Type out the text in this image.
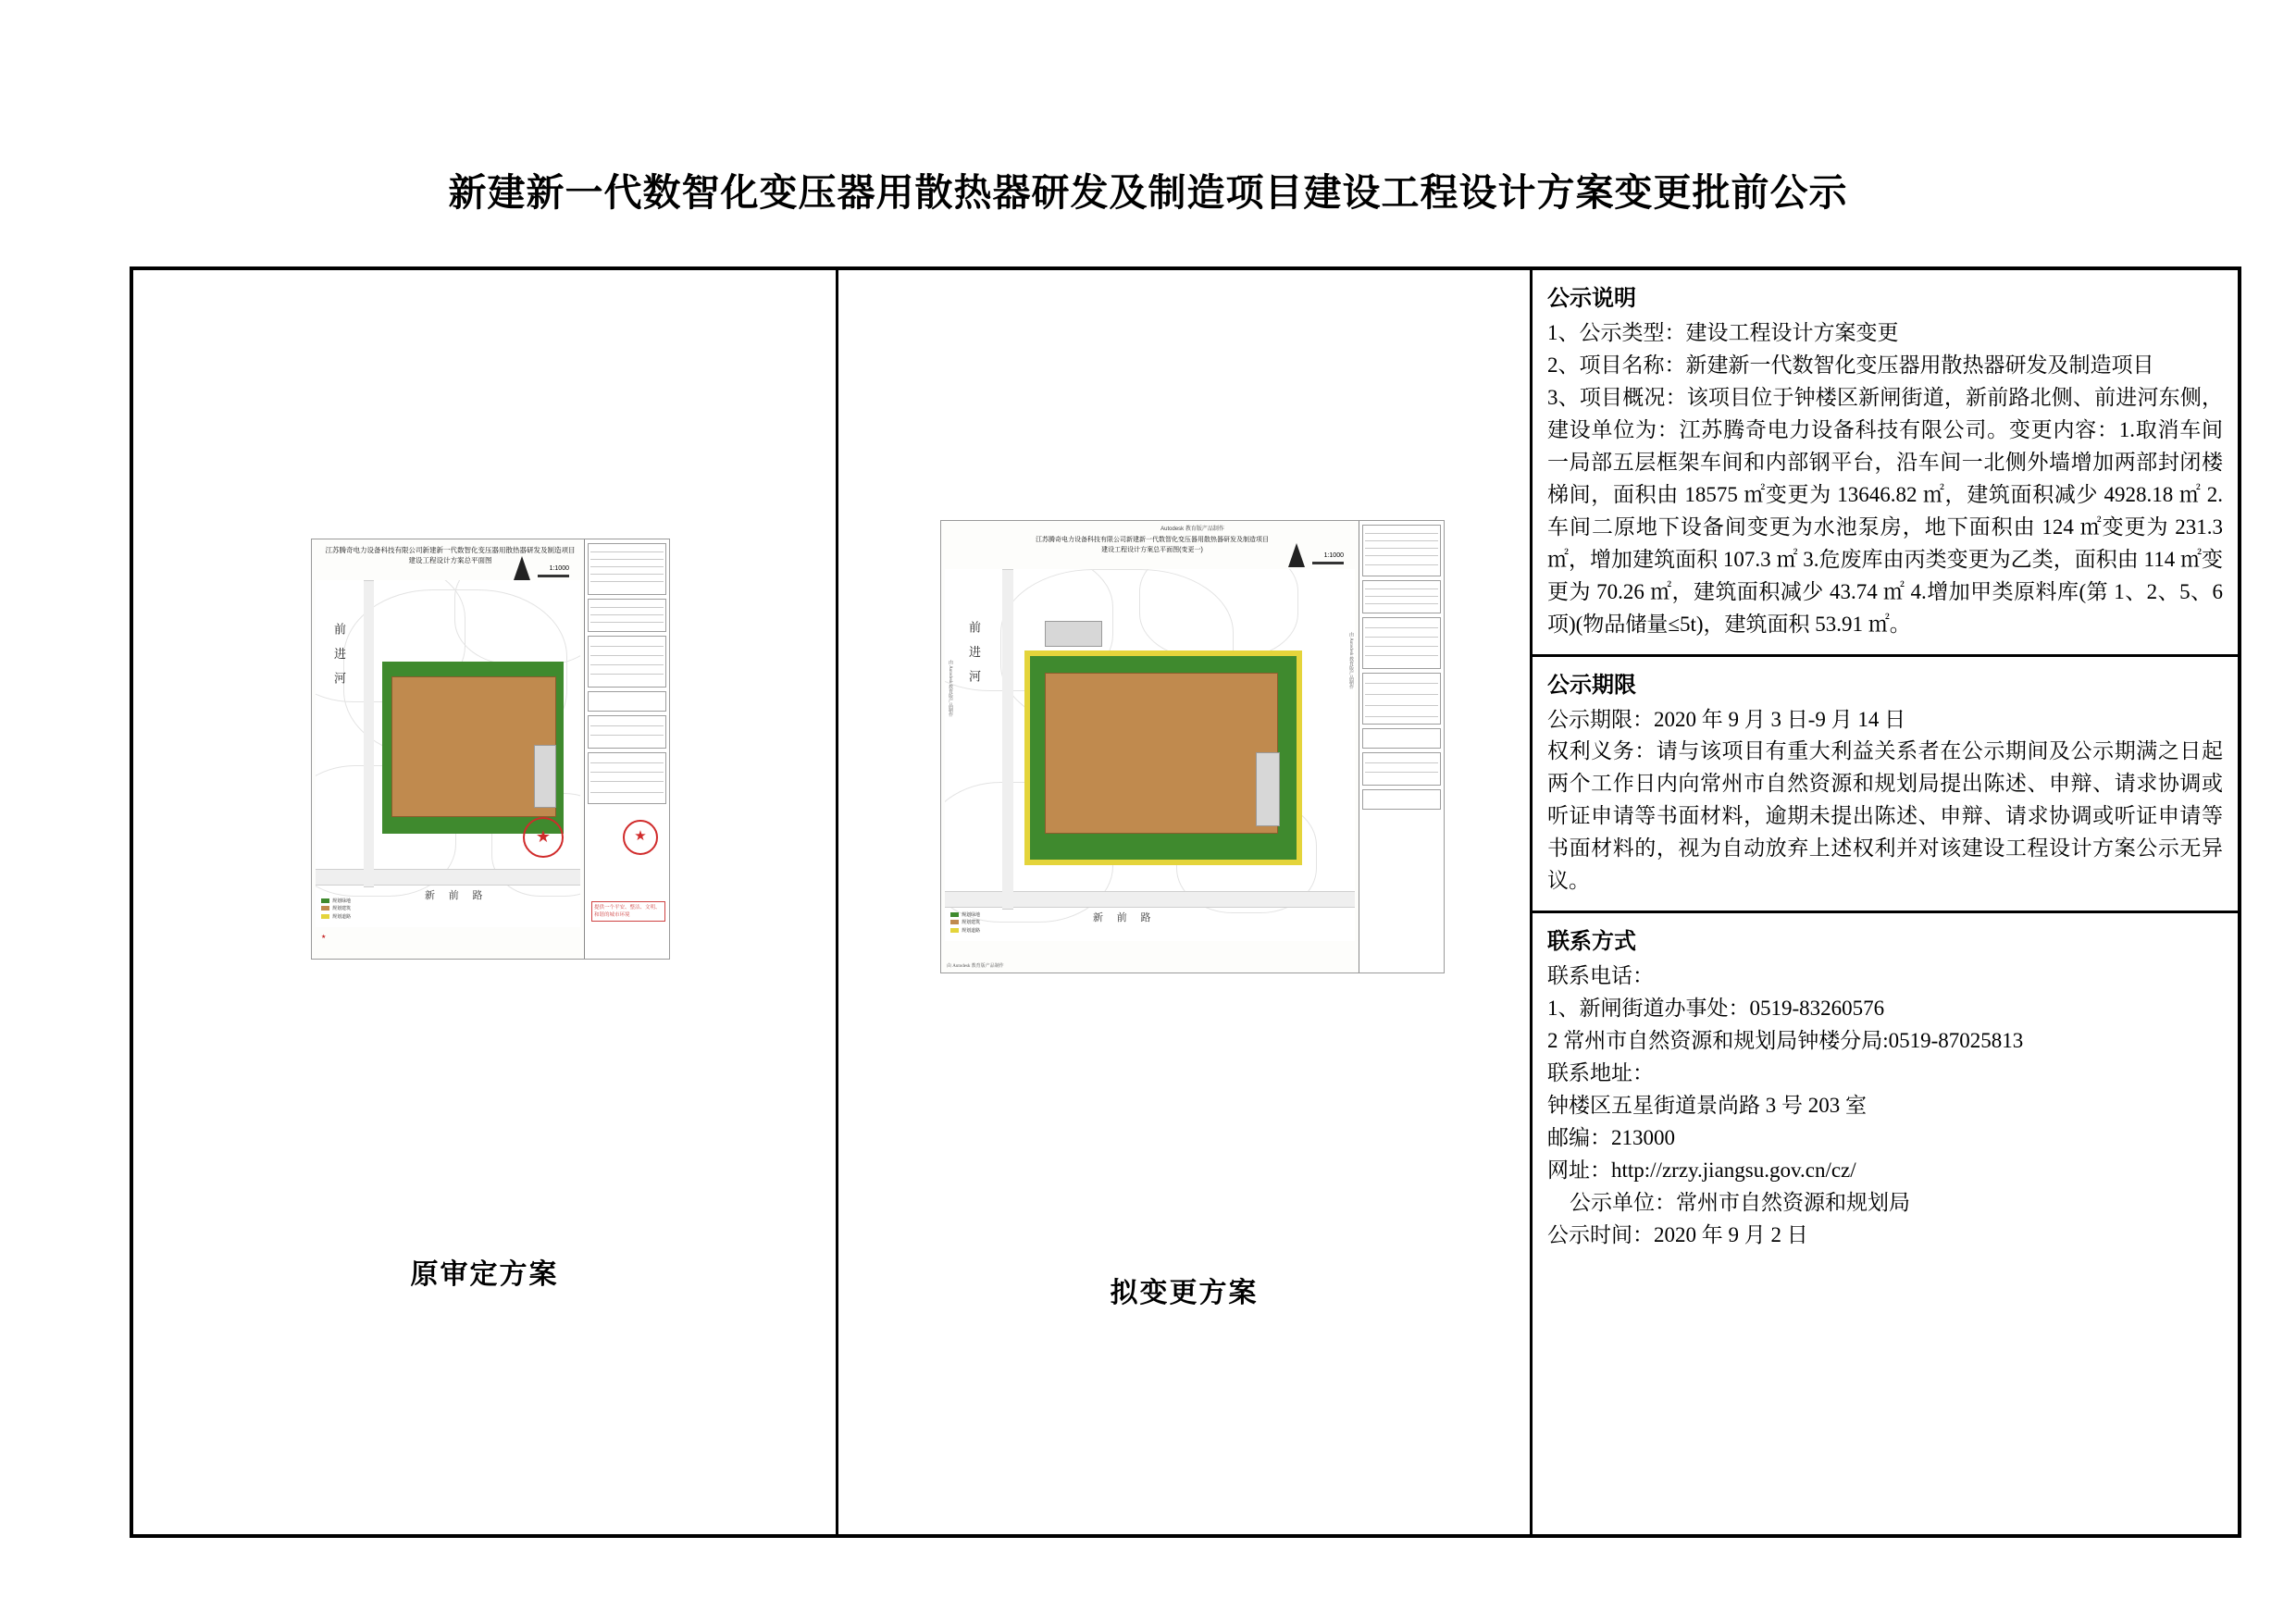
新建新一代数智化变压器用散热器研发及制造项目建设工程设计方案变更批前公示
江苏腾奇电力设备科技有限公司新建新一代数智化变压器用散热器研发及制造项目
建设工程设计方案总平面图
1:1000
前 进 河
新 前 路
规划绿地
规划建筑
规划道路
★	★
提供一个平安、整洁、文明、和谐的城市环境
★
原审定方案
Autodesk 教育版产品制作
江苏腾奇电力设备科技有限公司新建新一代数智化变压器用散热器研发及制造项目
建设工程设计方案总平面图(变更一)
1:1000
前 进 河
新 前 路
规划绿地
规划建筑
规划道路
由 Autodesk 教育版产品制作
由 Autodesk 教育版产品制作
由 Autodesk 教育版产品制作
拟变更方案
公示说明

1、公示类型：建设工程设计方案变更

2、项目名称：新建新一代数智化变压器用散热器研发及制造项目

3、项目概况：该项目位于钟楼区新闸街道，新前路北侧、前进河东侧，建设单位为：江苏腾奇电力设备科技有限公司。变更内容：1.取消车间一局部五层框架车间和内部钢平台，沿车间一北侧外墙增加两部封闭楼梯间，面积由 18575 ㎡变更为 13646.82 ㎡，建筑面积减少 4928.18 ㎡ 2.车间二原地下设备间变更为水池泵房，地下面积由 124 ㎡变更为 231.3 ㎡，增加建筑面积 107.3 ㎡ 3.危废库由丙类变更为乙类，面积由 114 ㎡变更为 70.26 ㎡，建筑面积减少 43.74 ㎡ 4.增加甲类原料库(第 1、2、5、6 项)(物品储量≤5t)，建筑面积 53.91 ㎡。

公示期限

公示期限：2020 年 9 月 3 日-9 月 14 日

权利义务：请与该项目有重大利益关系者在公示期间及公示期满之日起两个工作日内向常州市自然资源和规划局提出陈述、申辩、请求协调或听证申请等书面材料，逾期未提出陈述、申辩、请求协调或听证申请等书面材料的，视为自动放弃上述权利并对该建设工程设计方案公示无异议。

联系方式

联系电话：

1、新闸街道办事处：0519-83260576

2 常州市自然资源和规划局钟楼分局:0519-87025813

联系地址：

钟楼区五星街道景尚路 3 号 203 室

邮编：213000

网址：http://zrzy.jiangsu.gov.cn/cz/

公示单位：常州市自然资源和规划局

公示时间：2020 年 9 月 2 日
